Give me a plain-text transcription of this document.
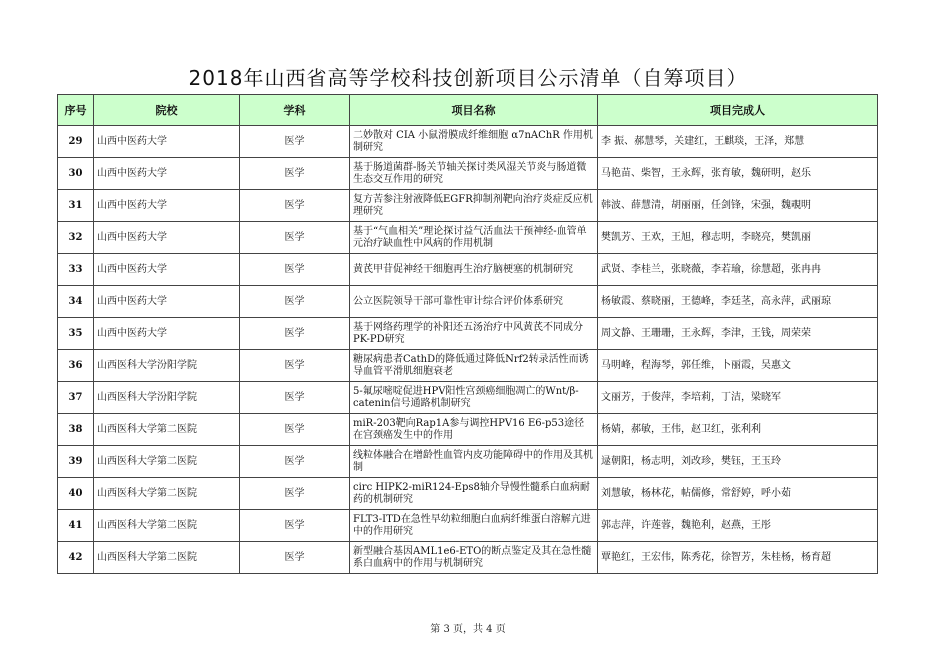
2018年山西省高等学校科技创新项目公示清单（自筹项目）
序号	院校	学科	项目名称	项目完成人
29	山西中医药大学	医学	二妙散对 CIA 小鼠滑膜成纤维细胞 α7nAChR 作用机制研究	李 振、郝慧琴，关建红，王麒琰，王泽，郑慧
30	山西中医药大学	医学	基于肠道菌群-肠关节轴关探讨类风湿关节炎与肠道微生态交互作用的研究	马艳苗、柴智，王永辉，张育敏，魏研明，赵乐
31	山西中医药大学	医学	复方苦参注射液降低EGFR抑制剂靶向治疗炎症反应机理研究	韩波、薛慧清，胡丽丽，任剑锋，宋强，魏覗明
32	山西中医药大学	医学	基于“气血相关”理论探讨益气活血法干预神经-血管单元治疗缺血性中风病的作用机制	樊凯芳、王欢，王旭，穆志明，李晓亮，樊凯丽
33	山西中医药大学	医学	黄芪甲苷促神经干细胞再生治疗脑梗塞的机制研究	武贤、李桂兰，张晓薇，李若瑜，徐慧超，张冉冉
34	山西中医药大学	医学	公立医院领导干部可靠性审计综合评价体系研究	杨敏霞、蔡晓丽，王德峰，李廷茎，高永萍，武丽琼
35	山西中医药大学	医学	基于网络药理学的补阳还五汤治疗中风黄芪不同成分PK-PD研究	周文静、王珊珊，王永辉，李津，王钱，周荣荣
36	山西医科大学汾阳学院	医学	糖尿病患者CathD的降低通过降低Nrf2转录活性而诱导血管平滑肌细胞衰老	马明峰，程海琴，郭任维，卜丽霞，吴惠文
37	山西医科大学汾阳学院	医学	5-氟尿嘧啶促进HPV阳性宫颈癌细胞凋亡的Wnt/β-catenin信号通路机制研究	文丽芳，于俊萍，李培莉，丁洁，梁晓军
38	山西医科大学第二医院	医学	miR-203靶向Rap1A参与调控HPV16 E6-p53途径在宫颈癌发生中的作用	杨婧，郝敏，王伟，赵卫红，张利利
39	山西医科大学第二医院	医学	线粒体融合在增龄性血管内皮功能障碍中的作用及其机制	逯朝阳，杨志明，刘改珍，樊钰，王玉玲
40	山西医科大学第二医院	医学	circ HIPK2-miR124-Eps8轴介导慢性髓系白血病耐药的机制研究	刘慧敏，杨林花，帖儒修，常舒婷，呼小茹
41	山西医科大学第二医院	医学	FLT3-ITD在急性早幼粒细胞白血病纤维蛋白溶解亢进中的作用研究	郭志萍，许莲蓉，魏艳利，赵燕，王彤
42	山西医科大学第二医院	医学	新型融合基因AML1e6-ETO的断点鉴定及其在急性髓系白血病中的作用与机制研究	覃艳红，王宏伟，陈秀花，徐智芳，朱桂杨，杨育超
第 3 页，共 4 页
